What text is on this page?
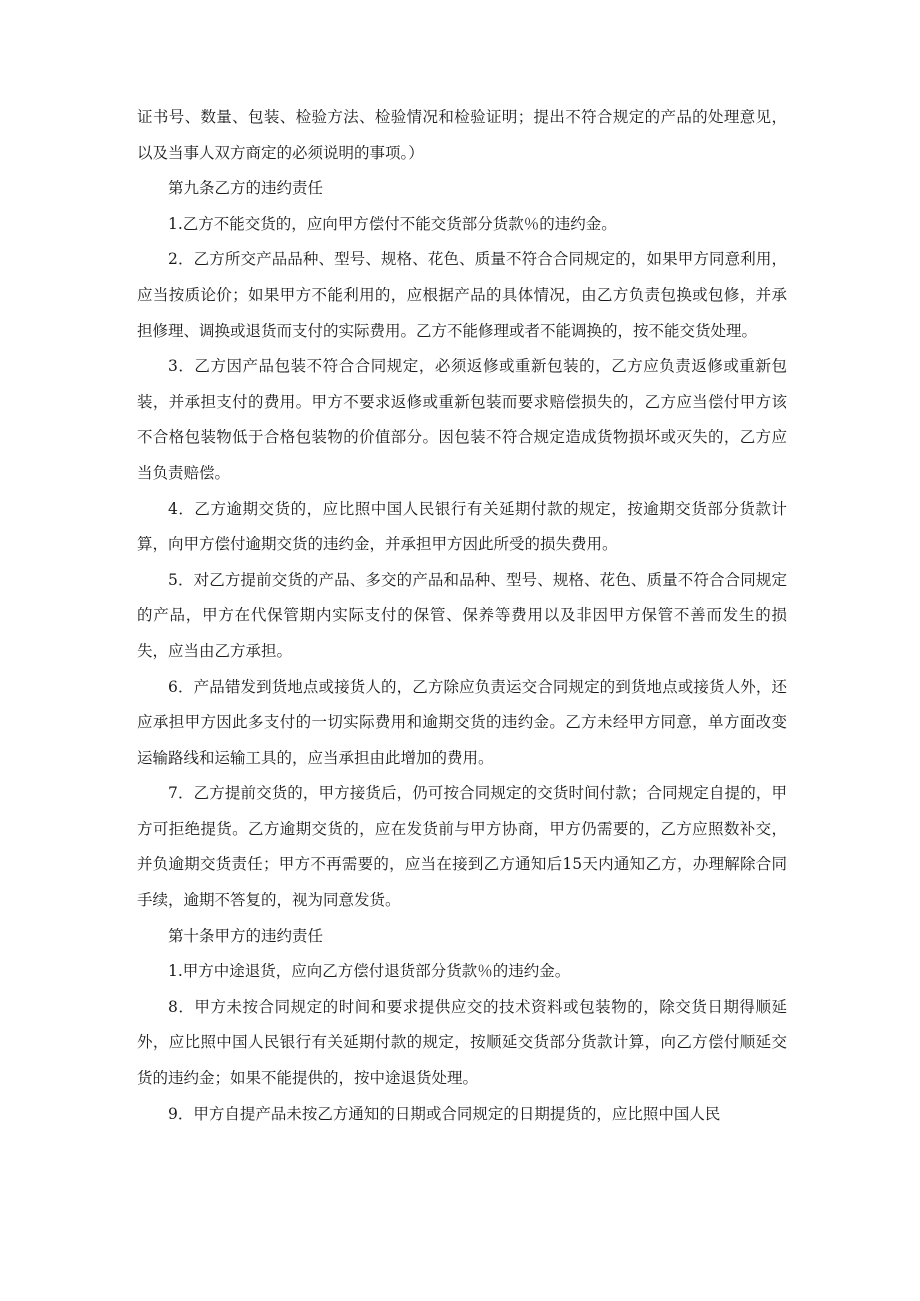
证书号、数量、包装、检验方法、检验情况和检验证明；提出不符合规定的产品的处理意见，以及当事人双方商定的必须说明的事项。）

第九条乙方的违约责任

1.乙方不能交货的，应向甲方偿付不能交货部分货款％的违约金。

2．乙方所交产品品种、型号、规格、花色、质量不符合合同规定的，如果甲方同意利用，应当按质论价；如果甲方不能利用的，应根据产品的具体情况，由乙方负责包换或包修，并承担修理、调换或退货而支付的实际费用。乙方不能修理或者不能调换的，按不能交货处理。

3．乙方因产品包装不符合合同规定，必须返修或重新包装的，乙方应负责返修或重新包装，并承担支付的费用。甲方不要求返修或重新包装而要求赔偿损失的，乙方应当偿付甲方该不合格包装物低于合格包装物的价值部分。因包装不符合规定造成货物损坏或灭失的，乙方应当负责赔偿。

4．乙方逾期交货的，应比照中国人民银行有关延期付款的规定，按逾期交货部分货款计算，向甲方偿付逾期交货的违约金，并承担甲方因此所受的损失费用。

5．对乙方提前交货的产品、多交的产品和品种、型号、规格、花色、质量不符合合同规定的产品，甲方在代保管期内实际支付的保管、保养等费用以及非因甲方保管不善而发生的损失，应当由乙方承担。

6．产品错发到货地点或接货人的，乙方除应负责运交合同规定的到货地点或接货人外，还应承担甲方因此多支付的一切实际费用和逾期交货的违约金。乙方未经甲方同意，单方面改变运输路线和运输工具的，应当承担由此增加的费用。

7．乙方提前交货的，甲方接货后，仍可按合同规定的交货时间付款；合同规定自提的，甲方可拒绝提货。乙方逾期交货的，应在发货前与甲方协商，甲方仍需要的，乙方应照数补交，并负逾期交货责任；甲方不再需要的，应当在接到乙方通知后15天内通知乙方，办理解除合同手续，逾期不答复的，视为同意发货。

第十条甲方的违约责任

1.甲方中途退货，应向乙方偿付退货部分货款％的违约金。

8．甲方未按合同规定的时间和要求提供应交的技术资料或包装物的，除交货日期得顺延外，应比照中国人民银行有关延期付款的规定，按顺延交货部分货款计算，向乙方偿付顺延交货的违约金；如果不能提供的，按中途退货处理。

9．甲方自提产品未按乙方通知的日期或合同规定的日期提货的，应比照中国人民
